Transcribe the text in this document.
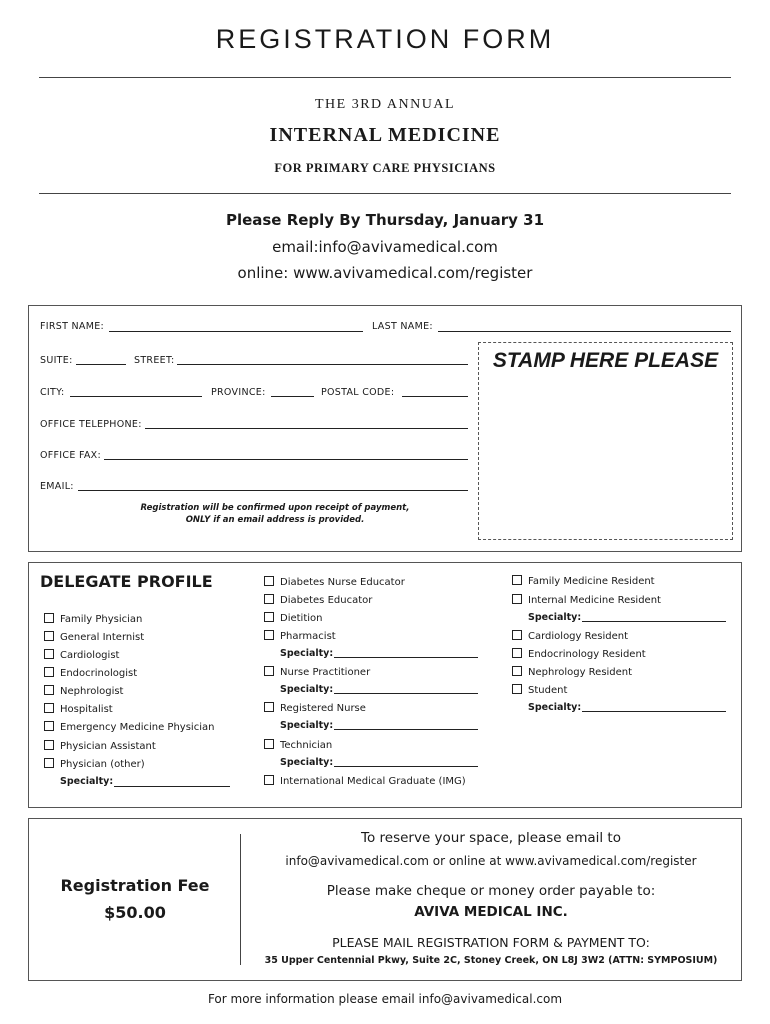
REGISTRATION FORM
THE 3RD ANNUAL
INTERNAL MEDICINE
FOR PRIMARY CARE PHYSICIANS
Please Reply By Thursday, January 31
email:info@avivamedical.com
online: www.avivamedical.com/register
FIRST NAME:	LAST NAME:
SUITE:	STREET:
CITY:	PROVINCE:	POSTAL CODE:
OFFICE TELEPHONE:
OFFICE FAX:
EMAIL:
Registration will be confirmed upon receipt of payment,
ONLY if an email address is provided.
STAMP HERE PLEASE
DELEGATE PROFILE
Family Physician
General Internist
Cardiologist
Endocrinologist
Nephrologist
Hospitalist
Emergency Medicine Physician
Physician Assistant
Physician (other)
Specialty:
Diabetes Nurse Educator
Diabetes Educator
Dietition
Pharmacist
Specialty:
Nurse Practitioner
Specialty:
Registered Nurse
Specialty:
Technician
Specialty:
International Medical Graduate (IMG)
Family Medicine Resident
Internal Medicine Resident
Specialty:
Cardiology Resident
Endocrinology Resident
Nephrology Resident
Student
Specialty:
Registration Fee
$50.00
To reserve your space, please email to
info@avivamedical.com or online at www.avivamedical.com/register
Please make cheque or money order payable to:
AVIVA MEDICAL INC.
PLEASE MAIL REGISTRATION FORM & PAYMENT TO:
35 Upper Centennial Pkwy, Suite 2C, Stoney Creek, ON L8J 3W2 (ATTN: SYMPOSIUM)
For more information please email info@avivamedical.com
